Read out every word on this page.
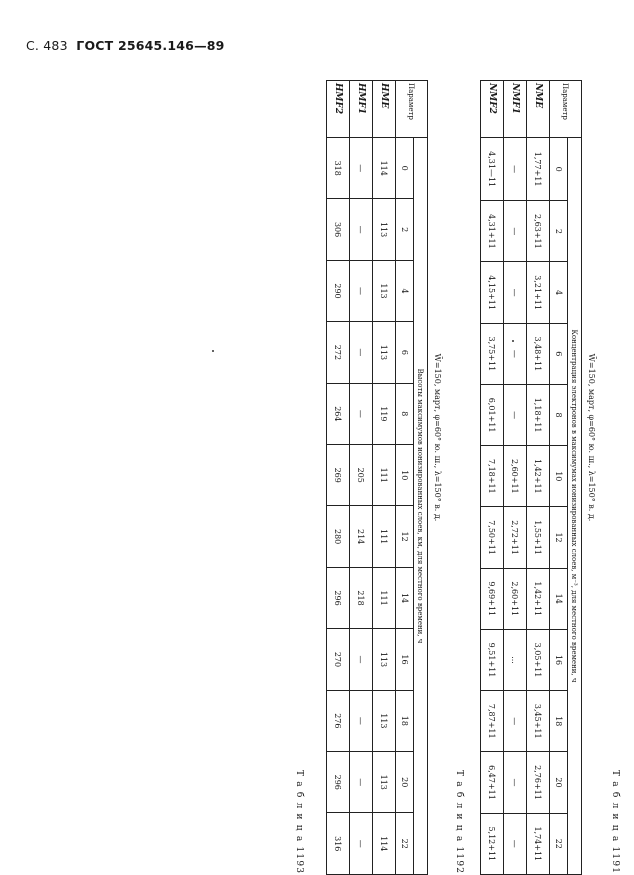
С. 483 ГОСТ 25645.146—89
Т а б л и ц а 1191
W̄=150, март, φ=60° ю. ш., λ=150° в. д.
Параметр	Концентрация электронов в максимумах ионизированных слоев, м⁻³, для местного времени, ч											
	0	2	4	6	8	10	12	14	16	18	20	22
NME	1,77+11	2,63+11	3,21+11	3,48+11	1,18+11	1,42+11	1,55+11	1,42+11	3,05+11	3,45+11	2,76+11	1,74+11
NMF1	—	—	—	—	—	2,60+11	2,72+11	2,60+11	...	—	—	—
NMF2	4,31—11	4,31+11	4,15+11	3,75+11	6,01+11	7,18+11	7,50+11	9,69+11	9,51+11	7,87+11	6,47+11	5,12+11
Т а б л и ц а 1192
W̄=150, март, φ=60° ю. ш., λ=150° в. д.
Параметр	Высоты максимумов ионизированных слоев, км, для местного времени, ч											
	0	2	4	6	8	10	12	14	16	18	20	22
HME	114	113	113	113	119	111	111	111	113	113	113	114
HMF1	—	—	—	—	—	205	214	218	—	—	—	—
HMF2	318	306	290	272	264	269	280	296	270	276	296	316
Т а б л и ц а 1193
